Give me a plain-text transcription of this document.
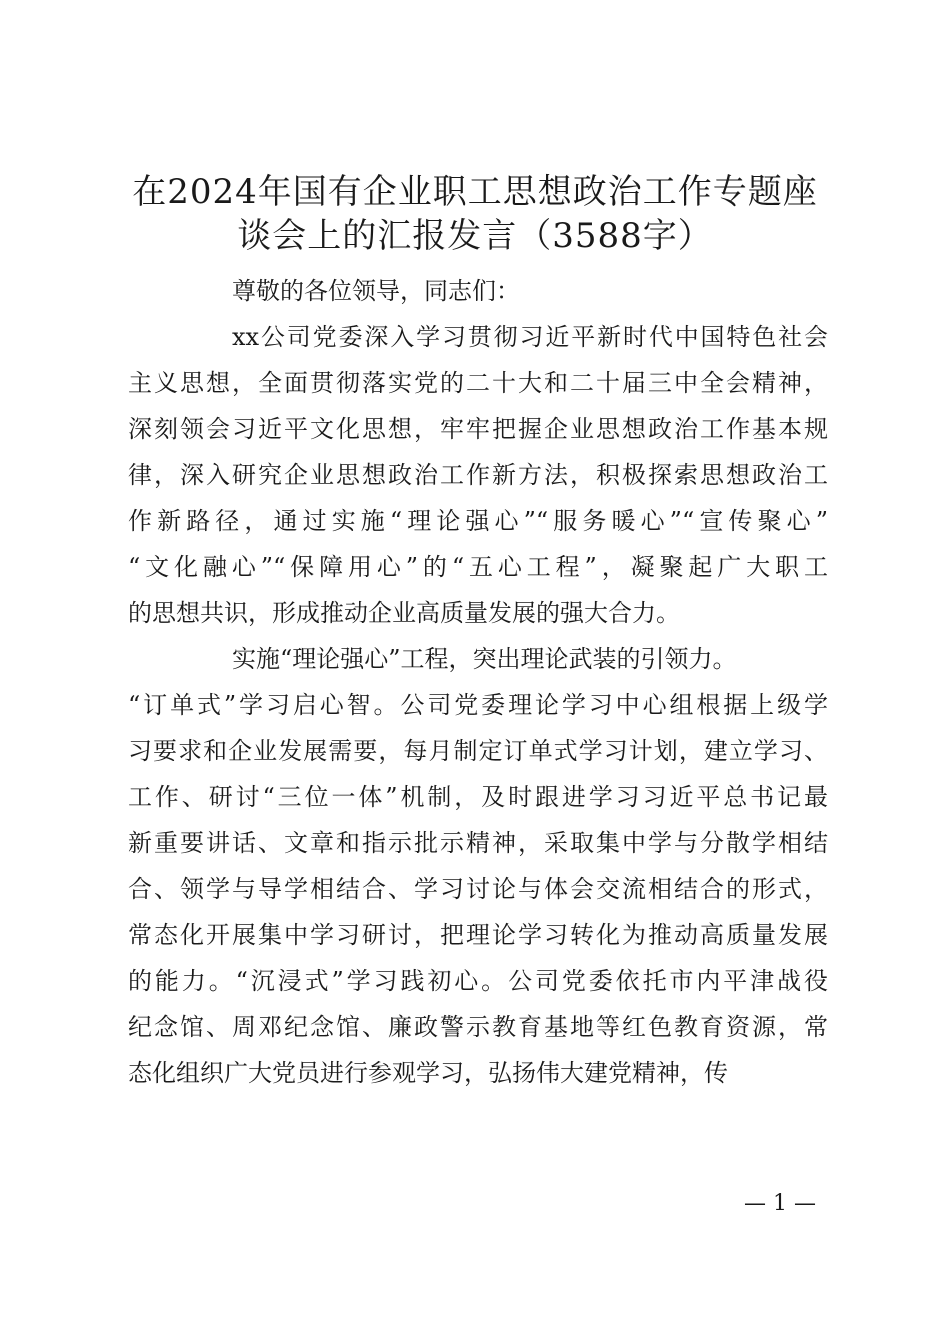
在2024年国有企业职工思想政治工作专题座
谈会上的汇报发言（3588字）
尊敬的各位领导，同志们：
xx公司党委深入学习贯彻习近平新时代中国特色社会
主义思想，全面贯彻落实党的二十大和二十届三中全会精神，
深刻领会习近平文化思想，牢牢把握企业思想政治工作基本规
律，深入研究企业思想政治工作新方法，积极探索思想政治工
作新路径，通过实施“理论强心”“服务暖心”“宣传聚心”
“文化融心”“保障用心”的“五心工程”，凝聚起广大职工
的思想共识，形成推动企业高质量发展的强大合力。
实施“理论强心”工程，突出理论武装的引领力。
“订单式”学习启心智。公司党委理论学习中心组根据上级学
习要求和企业发展需要，每月制定订单式学习计划，建立学习、
工作、研讨“三位一体”机制，及时跟进学习习近平总书记最
新重要讲话、文章和指示批示精神，采取集中学与分散学相结
合、领学与导学相结合、学习讨论与体会交流相结合的形式，
常态化开展集中学习研讨，把理论学习转化为推动高质量发展
的能力。“沉浸式”学习践初心。公司党委依托市内平津战役
纪念馆、周邓纪念馆、廉政警示教育基地等红色教育资源，常
态化组织广大党员进行参观学习，弘扬伟大建党精神，传
— 1 —
